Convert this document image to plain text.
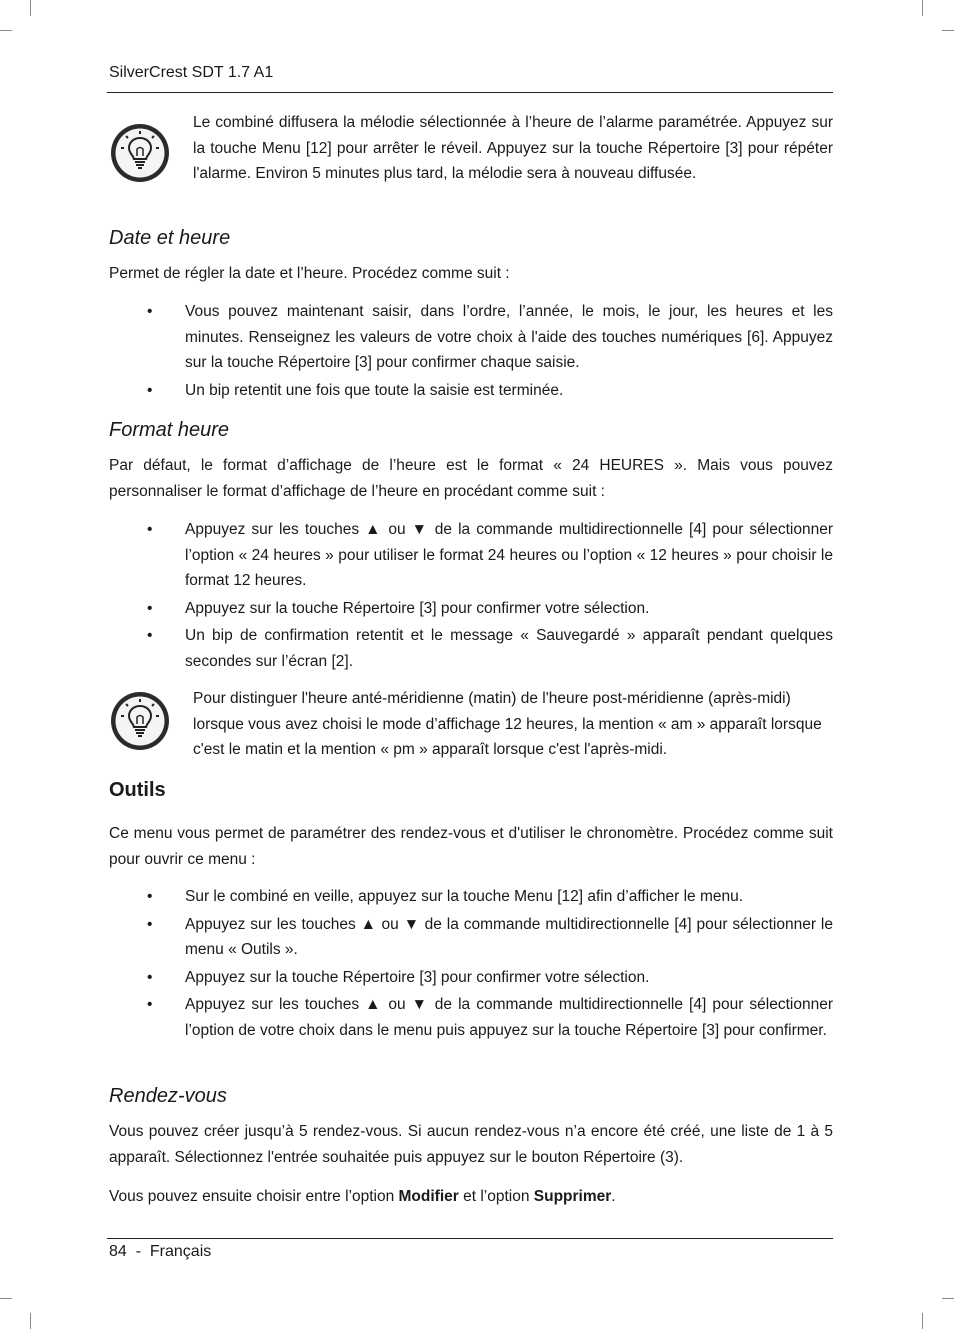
SilverCrest SDT 1.7 A1

Le combiné diffusera la mélodie sélectionnée à l’heure de l’alarme paramétrée. Appuyez sur la touche Menu [12] pour arrêter le réveil. Appuyez sur la touche Répertoire [3] pour répéter l'alarme. Environ 5 minutes plus tard, la mélodie sera à nouveau diffusée.

Date et heure

Permet de régler la date et l’heure. Procédez comme suit :

• Vous pouvez maintenant saisir, dans l’ordre, l’année, le mois, le jour, les heures et les minutes. Renseignez les valeurs de votre choix à l'aide des touches numériques [6]. Appuyez sur la touche Répertoire [3] pour confirmer chaque saisie.
• Un bip retentit une fois que toute la saisie est terminée.
Format heure

Par défaut, le format d’affichage de l’heure est le format « 24 HEURES ». Mais vous pouvez personnaliser le format d’affichage de l’heure en procédant comme suit :

• Appuyez sur les touches ▲ ou ▼ de la commande multidirectionnelle [4] pour sélectionner l’option « 24 heures » pour utiliser le format 24 heures ou l’option « 12 heures » pour choisir le format 12 heures.
• Appuyez sur la touche Répertoire [3] pour confirmer votre sélection.
• Un bip de confirmation retentit et le message « Sauvegardé » apparaît pendant quelques secondes sur l’écran [2].

Pour distinguer l'heure anté-méridienne (matin) de l'heure post-méridienne (après-midi) lorsque vous avez choisi le mode d’affichage 12 heures, la mention « am » apparaît lorsque c'est le matin et la mention « pm » apparaît lorsque c'est l'après-midi.

Outils

Ce menu vous permet de paramétrer des rendez-vous et d'utiliser le chronomètre. Procédez comme suit pour ouvrir ce menu :

• Sur le combiné en veille, appuyez sur la touche Menu [12] afin d’afficher le menu.
• Appuyez sur les touches ▲ ou ▼ de la commande multidirectionnelle [4] pour sélectionner le menu « Outils ».
• Appuyez sur la touche Répertoire [3] pour confirmer votre sélection.
• Appuyez sur les touches ▲ ou ▼ de la commande multidirectionnelle [4] pour sélectionner l’option de votre choix dans le menu puis appuyez sur la touche Répertoire [3] pour confirmer.
Rendez-vous

Vous pouvez créer jusqu’à 5 rendez-vous. Si aucun rendez-vous n’a encore été créé, une liste de 1 à 5 apparaît. Sélectionnez l'entrée souhaitée puis appuyez sur le bouton Répertoire (3).

Vous pouvez ensuite choisir entre l’option Modifier et l’option Supprimer.

84  -  Français
